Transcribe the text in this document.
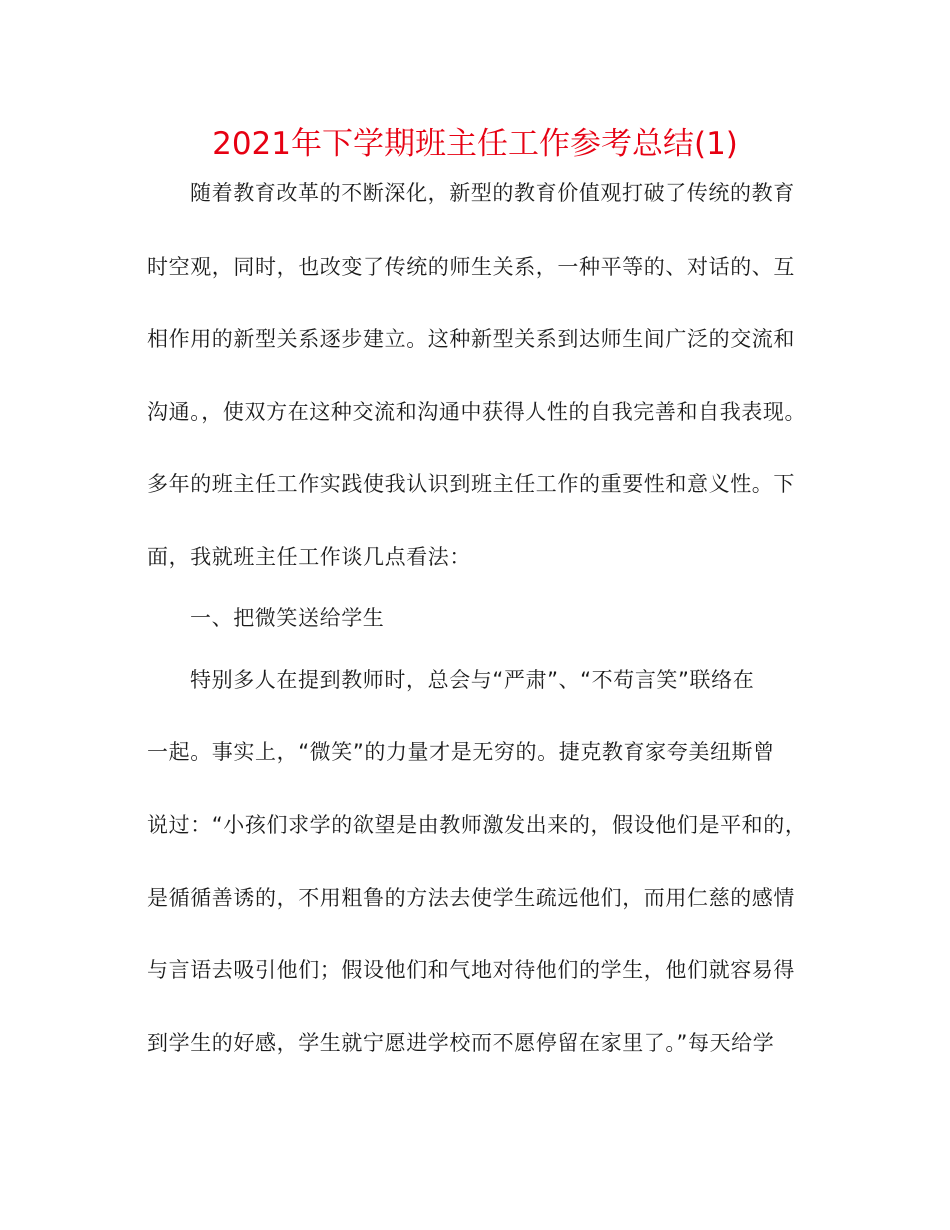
2021年下学期班主任工作参考总结(1)
随着教育改革的不断深化，新型的教育价值观打破了传统的教育
时空观，同时，也改变了传统的师生关系，一种平等的、对话的、互
相作用的新型关系逐步建立。这种新型关系到达师生间广泛的交流和
沟通。，使双方在这种交流和沟通中获得人性的自我完善和自我表现。
多年的班主任工作实践使我认识到班主任工作的重要性和意义性。下
面，我就班主任工作谈几点看法：
一、把微笑送给学生
特别多人在提到教师时，总会与“严肃”、“不苟言笑”联络在
一起。事实上，“微笑”的力量才是无穷的。捷克教育家夸美纽斯曾
说过：“小孩们求学的欲望是由教师激发出来的，假设他们是平和的，
是循循善诱的，不用粗鲁的方法去使学生疏远他们，而用仁慈的感情
与言语去吸引他们；假设他们和气地对待他们的学生，他们就容易得
到学生的好感，学生就宁愿进学校而不愿停留在家里了。”每天给学
